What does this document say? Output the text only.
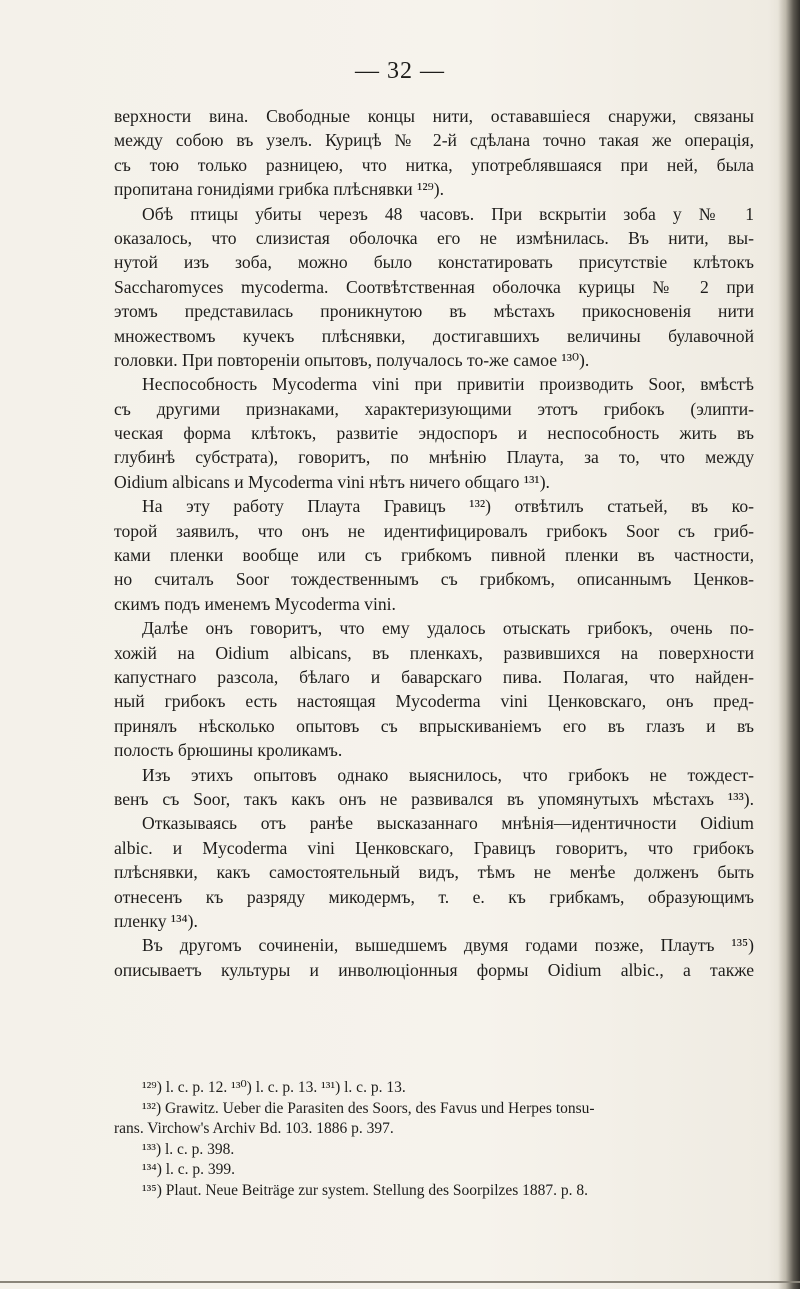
— 32 —
верхности вина. Свободные концы нити, остававшіеся снаружи, связаны
между собою въ узелъ. Курицѣ № 2-й сдѣлана точно такая же операція,
съ тою только разницею, что нитка, употреблявшаяся при ней, была
пропитана гонидіями грибка плѣснявки ¹²⁹).
Обѣ птицы убиты черезъ 48 часовъ. При вскрытіи зоба у № 1
оказалось, что слизистая оболочка его не измѣнилась. Въ нити, вы-
нутой изъ зоба, можно было констатировать присутствіе клѣтокъ
Saccharomyces mycoderma. Соотвѣтственная оболочка курицы № 2 при
этомъ представилась проникнутою въ мѣстахъ прикосновенія нити
множествомъ кучекъ плѣснявки, достигавшихъ величины булавочной
головки. При повтореніи опытовъ, получалось то-же самое ¹³⁰).
Неспособность Mycoderma vini при привитіи производить Soor, вмѣстѣ
съ другими признаками, характеризующими этотъ грибокъ (элипти-
ческая форма клѣтокъ, развитіе эндоспоръ и неспособность жить въ
глубинѣ субстрата), говоритъ, по мнѣнію Плаута, за то, что между
Oidium albicans и Mycoderma vini нѣтъ ничего общаго ¹³¹).
На эту работу Плаута Гравицъ ¹³²) отвѣтилъ статьей, въ ко-
торой заявилъ, что онъ не идентифицировалъ грибокъ Soor съ гриб-
ками пленки вообще или съ грибкомъ пивной пленки въ частности,
но считалъ Soor тождественнымъ съ грибкомъ, описаннымъ Ценков-
скимъ подъ именемъ Mycoderma vini.
Далѣе онъ говоритъ, что ему удалось отыскать грибокъ, очень по-
хожій на Oidium albicans, въ пленкахъ, развившихся на поверхности
капустнаго разсола, бѣлаго и баварскаго пива. Полагая, что найден-
ный грибокъ есть настоящая Mycoderma vini Ценковскаго, онъ пред-
принялъ нѣсколько опытовъ съ впрыскиваніемъ его въ глазъ и въ
полость брюшины кроликамъ.
Изъ этихъ опытовъ однако выяснилось, что грибокъ не тождест-
венъ съ Soor, такъ какъ онъ не развивался въ упомянутыхъ мѣстахъ ¹³³).
Отказываясь отъ ранѣе высказаннаго мнѣнія—идентичности Oidium
albic. и Mycoderma vini Ценковскаго, Гравицъ говоритъ, что грибокъ
плѣснявки, какъ самостоятельный видъ, тѣмъ не менѣе долженъ быть
отнесенъ къ разряду микодермъ, т. е. къ грибкамъ, образующимъ
пленку ¹³⁴).
Въ другомъ сочиненіи, вышедшемъ двумя годами позже, Плаутъ ¹³⁵)
описываетъ культуры и инволюціонныя формы Oidium albic., а также
¹²⁹) l. c. p. 12. ¹³⁰) l. c. p. 13. ¹³¹) l. c. p. 13.
¹³²) Grawitz. Ueber die Parasiten des Soors, des Favus und Herpes tonsu-
rans. Virchow's Archiv Bd. 103. 1886 p. 397.
¹³³) l. c. p. 398.
¹³⁴) l. c. p. 399.
¹³⁵) Plaut. Neue Beiträge zur system. Stellung des Soorpilzes 1887. p. 8.
